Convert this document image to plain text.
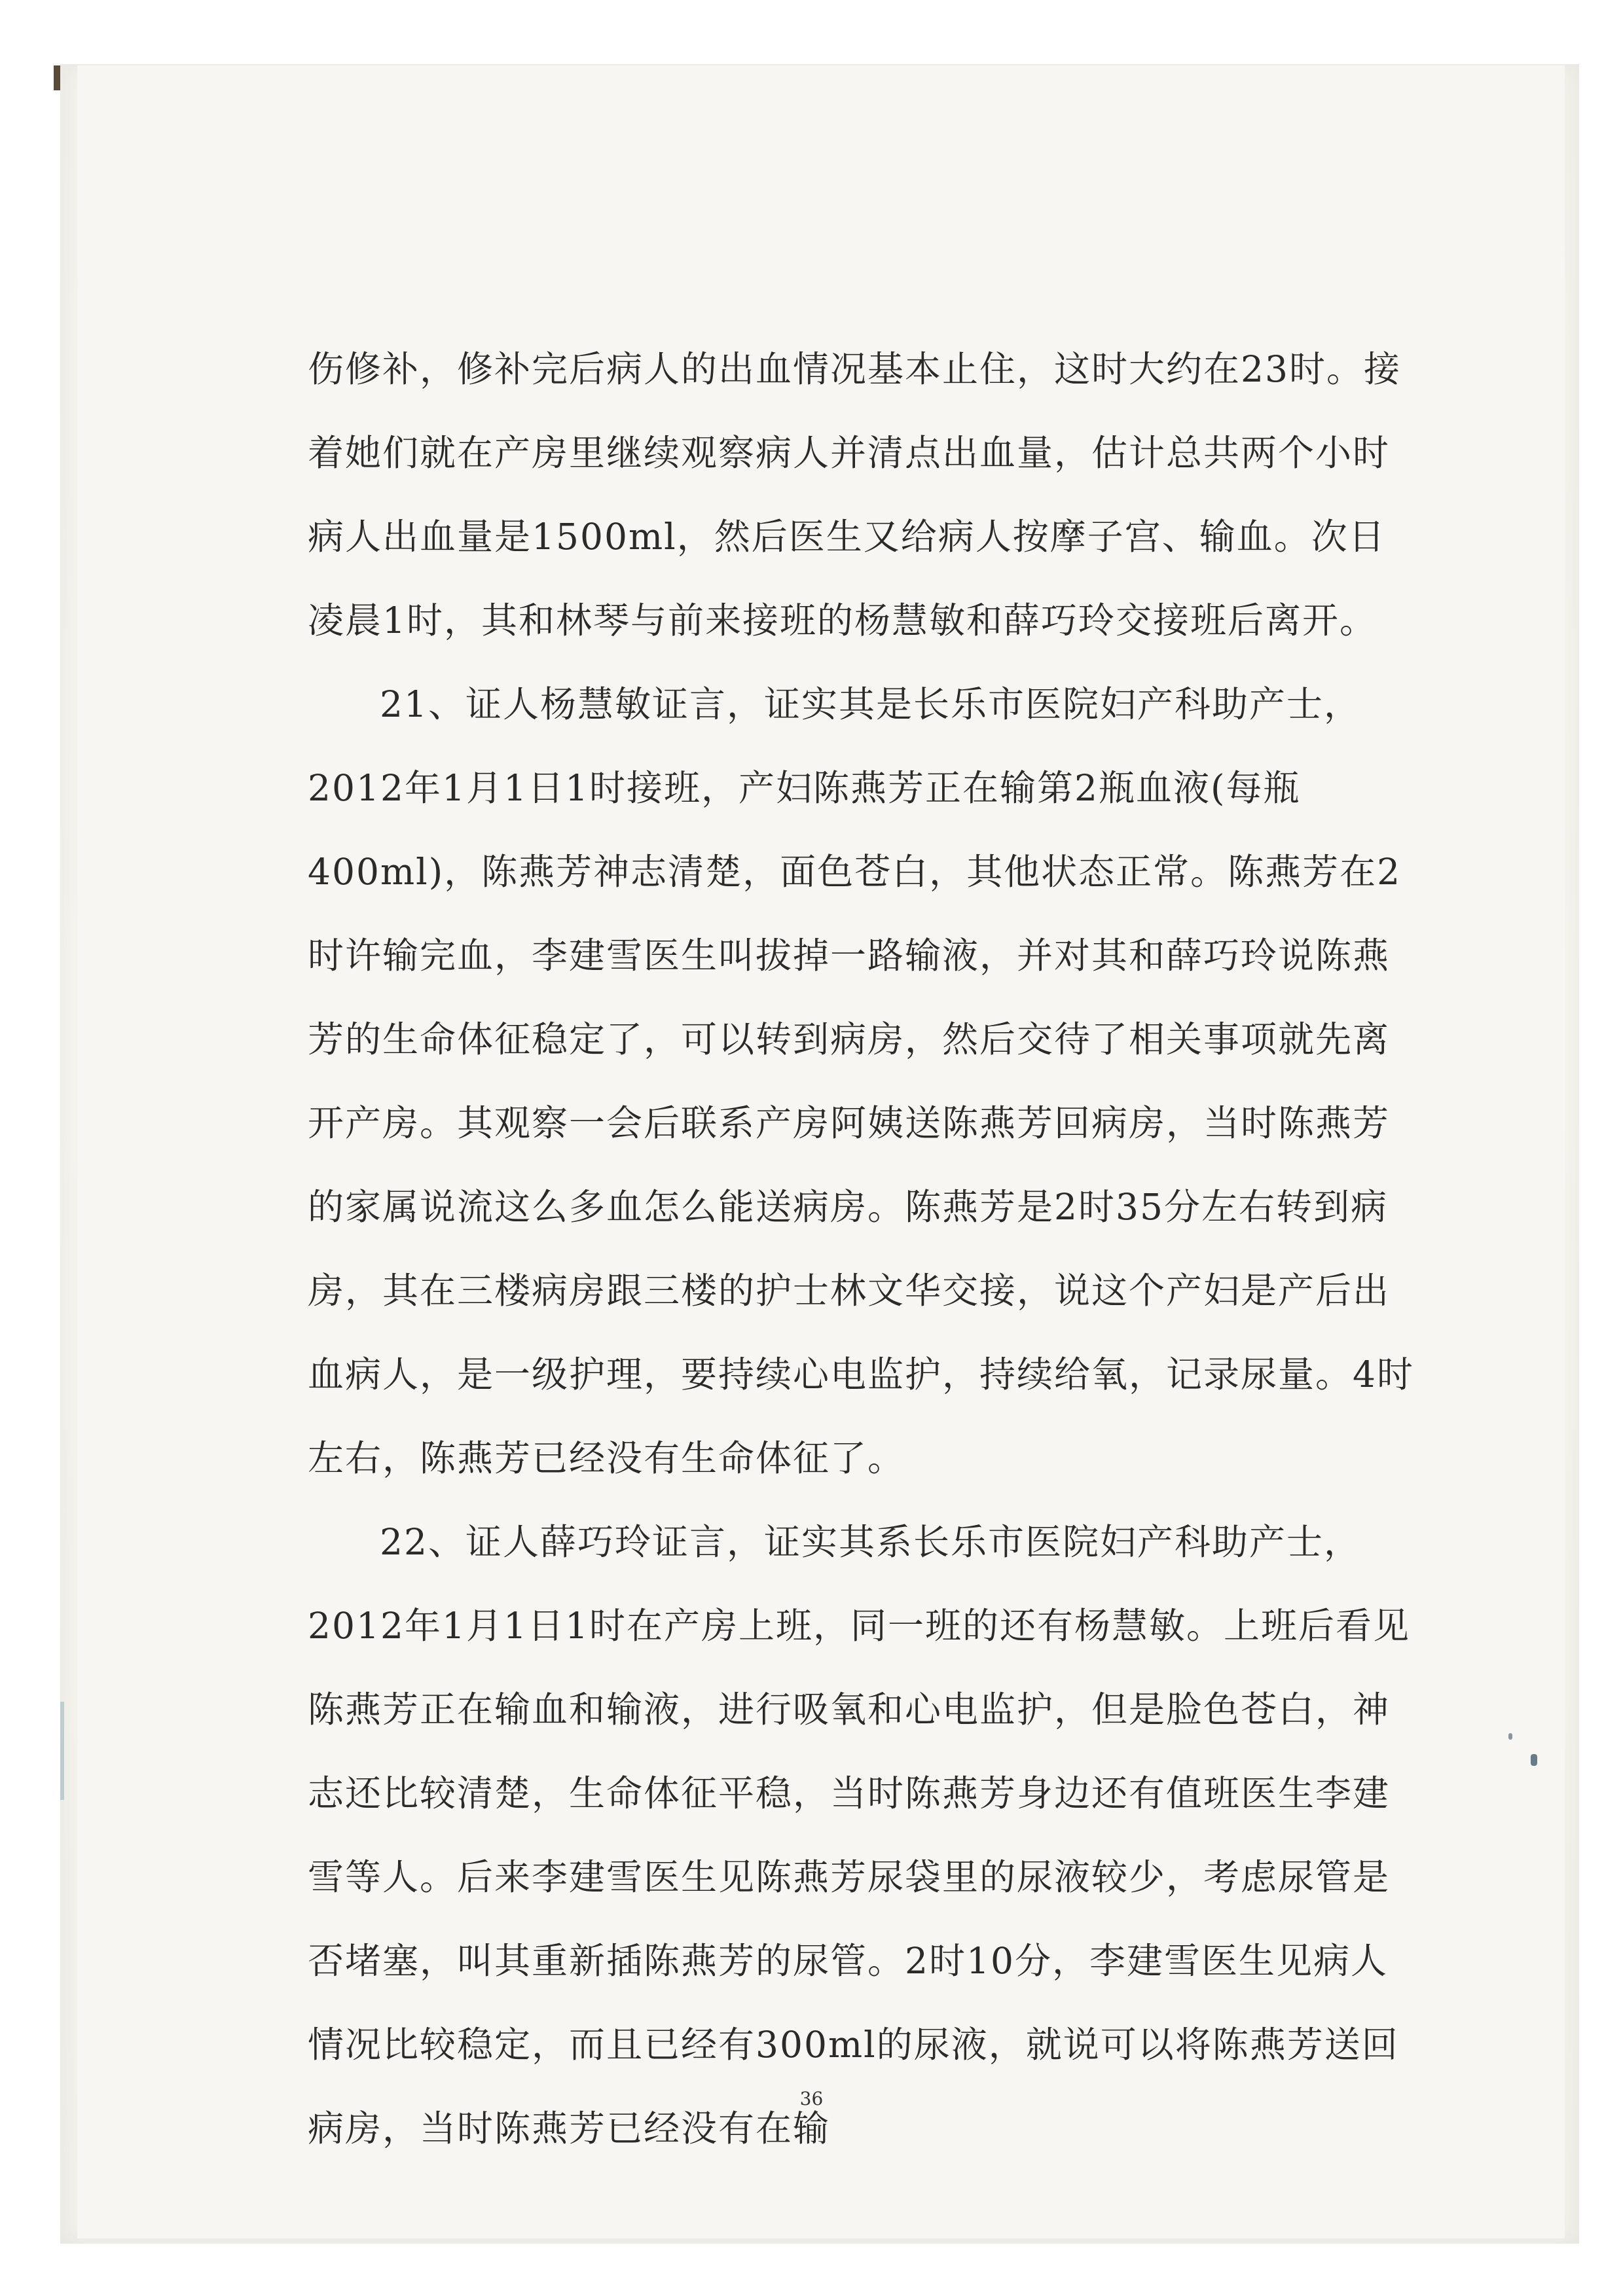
伤修补，修补完后病人的出血情况基本止住，这时大约在23时。接着她们就在产房里继续观察病人并清点出血量，估计总共两个小时病人出血量是1500ml，然后医生又给病人按摩子宫、输血。次日凌晨1时，其和林琴与前来接班的杨慧敏和薛巧玲交接班后离开。

21、证人杨慧敏证言，证实其是长乐市医院妇产科助产士，2012年1月1日1时接班，产妇陈燕芳正在输第2瓶血液(每瓶400ml)，陈燕芳神志清楚，面色苍白，其他状态正常。陈燕芳在2时许输完血，李建雪医生叫拔掉一路输液，并对其和薛巧玲说陈燕芳的生命体征稳定了，可以转到病房，然后交待了相关事项就先离开产房。其观察一会后联系产房阿姨送陈燕芳回病房，当时陈燕芳的家属说流这么多血怎么能送病房。陈燕芳是2时35分左右转到病房，其在三楼病房跟三楼的护士林文华交接，说这个产妇是产后出血病人，是一级护理，要持续心电监护，持续给氧，记录尿量。4时左右，陈燕芳已经没有生命体征了。

22、证人薛巧玲证言，证实其系长乐市医院妇产科助产士，2012年1月1日1时在产房上班，同一班的还有杨慧敏。上班后看见陈燕芳正在输血和输液，进行吸氧和心电监护，但是脸色苍白，神志还比较清楚，生命体征平稳，当时陈燕芳身边还有值班医生李建雪等人。后来李建雪医生见陈燕芳尿袋里的尿液较少，考虑尿管是否堵塞，叫其重新插陈燕芳的尿管。2时10分，李建雪医生见病人情况比较稳定，而且已经有300ml的尿液，就说可以将陈燕芳送回病房，当时陈燕芳已经没有在输

36
